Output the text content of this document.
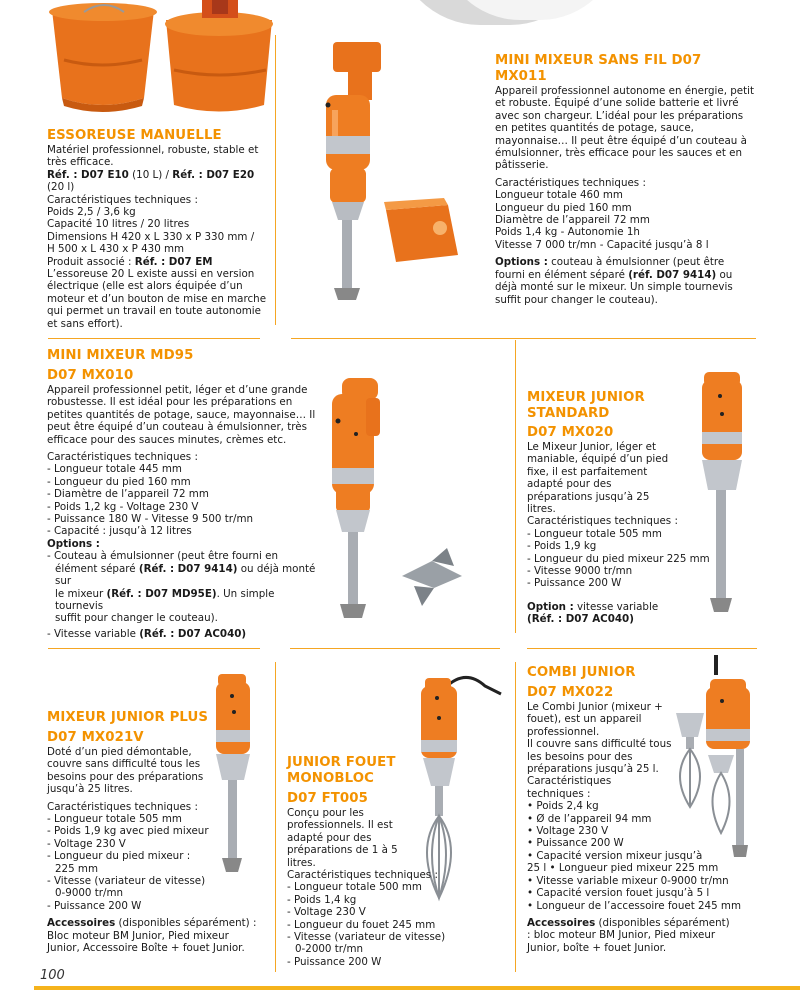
ESSOREUSE MANUELLE

Matériel professionnel, robuste, stable et très efficace.

Réf. : D07 E10 (10 L) / Réf. : D07 E20 (20 l)

Caractéristiques techniques :

Poids 2,5 / 3,6 kg

Capacité 10 litres / 20 litres

Dimensions H 420 x L 330 x P 330 mm /

H 500 x L 430 x P 430 mm

Produit associé : Réf. : D07 EM

L’essoreuse 20 L existe aussi en version électrique (elle est alors équipée d’un moteur et d’un bouton de mise en marche qui permet un travail en toute autonomie et sans effort).

MINI MIXEUR SANS FIL D07 MX011

Appareil professionnel autonome en énergie, petit et robuste. Équipé d’une solide batterie et livré avec son chargeur. L’idéal pour les préparations en petites quantités de potage, sauce, mayonnaise… Il peut être équipé d’un couteau à émulsionner, très efficace pour les sauces et en pâtisserie.

Caractéristiques techniques :

Longueur totale 460 mm

Longueur du pied 160 mm

Diamètre de l’appareil 72 mm

Poids 1,4 kg - Autonomie 1h

Vitesse 7 000 tr/mn - Capacité jusqu’à 8 l

Options : couteau à émulsionner (peut être fourni en élément séparé (réf. D07 9414) ou déjà monté sur le mixeur. Un simple tournevis suffit pour changer le couteau).

MINI MIXEUR MD95

D07 MX010

Appareil professionnel petit, léger et d’une grande robustesse. Il est idéal pour les préparations en petites quantités de potage, sauce, mayonnaise… Il peut être équipé d’un couteau à émulsionner, très efficace pour des sauces minutes, crèmes etc.

Caractéristiques techniques :

- Longueur totale 445 mm

- Longueur du pied 160 mm

- Diamètre de l’appareil 72 mm

- Poids 1,2 kg - Voltage 230 V

- Puissance 180 W - Vitesse 9 500 tr/mn

- Capacité : jusqu’à 12 litres

Options :

- Couteau à émulsionner (peut être fourni en

élément séparé (Réf. : D07 9414) ou déjà monté sur

le mixeur (Réf. : D07 MD95E). Un simple tournevis

suffit pour changer le couteau).

- Vitesse variable (Réf. : D07 AC040)

MIXEUR JUNIOR

STANDARD

D07 MX020

Le Mixeur Junior, léger et maniable, équipé d’un pied fixe, il est parfaitement adapté pour des préparations jusqu’à 25 litres.

Caractéristiques techniques :

- Longueur totale 505 mm

- Poids 1,9 kg

- Longueur du pied mixeur 225 mm

- Vitesse 9000 tr/mn

- Puissance 200 W

Option : vitesse variable

(Réf. : D07 AC040)

MIXEUR JUNIOR PLUS

D07 MX021V

Doté d’un pied démontable, couvre sans difficulté tous les besoins pour des préparations jusqu’à 25 litres.

Caractéristiques techniques :

- Longueur totale 505 mm

- Poids 1,9 kg avec pied mixeur

- Voltage 230 V

- Longueur du pied mixeur :

225 mm

- Vitesse (variateur de vitesse)

0-9000 tr/mn

- Puissance 200 W

Accessoires (disponibles séparément) : Bloc moteur BM Junior, Pied mixeur Junior, Accessoire Boîte + fouet Junior.

JUNIOR FOUET

MONOBLOC

D07 FT005

Conçu pour les professionnels. Il est adapté pour des préparations de 1 à 5 litres.

Caractéristiques techniques :

- Longueur totale 500 mm

- Poids 1,4 kg

- Voltage 230 V

- Longueur du fouet 245 mm

- Vitesse (variateur de vitesse)

0-2000 tr/mn

- Puissance 200 W

COMBI JUNIOR

D07 MX022

Le Combi Junior (mixeur + fouet), est un appareil professionnel.

Il couvre sans difficulté tous les besoins pour des préparations jusqu’à 25 l.

Caractéristiques

techniques :

• Poids 2,4 kg

• Ø de l’appareil 94 mm

• Voltage 230 V

• Puissance 200 W

• Capacité version mixeur jusqu’à

25 l • Longueur pied mixeur 225 mm

• Vitesse variable mixeur 0-9000 tr/mn

• Capacité version fouet jusqu’à 5 l

• Longueur de l’accessoire fouet 245 mm

Accessoires (disponibles séparément) : bloc moteur BM Junior, Pied mixeur Junior, boîte + fouet Junior.

100
